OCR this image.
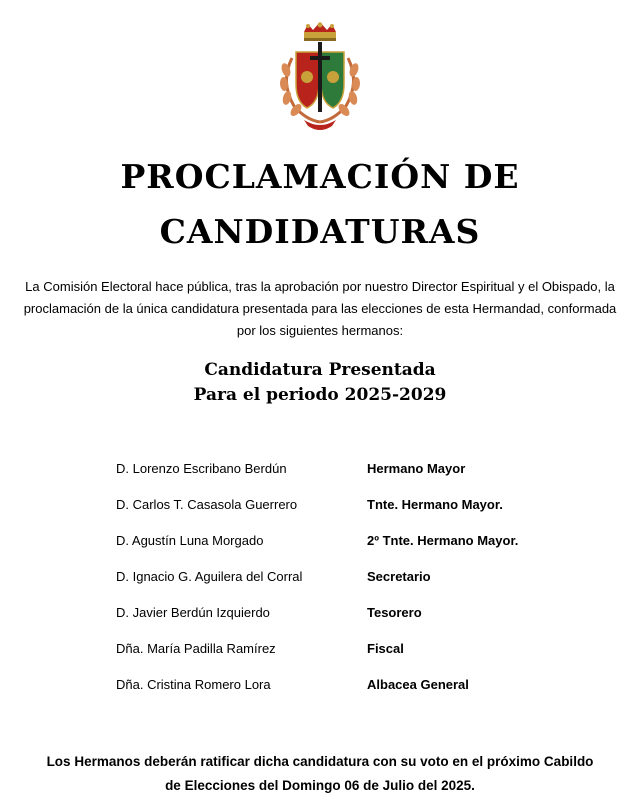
PROCLAMACIÓN DE
CANDIDATURAS
La Comisión Electoral hace pública, tras la aprobación por nuestro Director Espiritual y el Obispado, la proclamación de la única candidatura presentada para las elecciones de esta Hermandad, conformada por los siguientes hermanos:
Candidatura Presentada
Para el periodo 2025-2029
D. Lorenzo Escribano Berdún	Hermano Mayor
D. Carlos T. Casasola Guerrero	Tnte. Hermano Mayor.
D. Agustín Luna Morgado	2º Tnte. Hermano Mayor.
D. Ignacio G. Aguilera del Corral	Secretario
D. Javier Berdún Izquierdo	Tesorero
Dña. María Padilla Ramírez	Fiscal
Dña. Cristina Romero Lora	Albacea General
Los Hermanos deberán ratificar dicha candidatura con su voto en el próximo Cabildo
de Elecciones del Domingo 06 de Julio del 2025.
